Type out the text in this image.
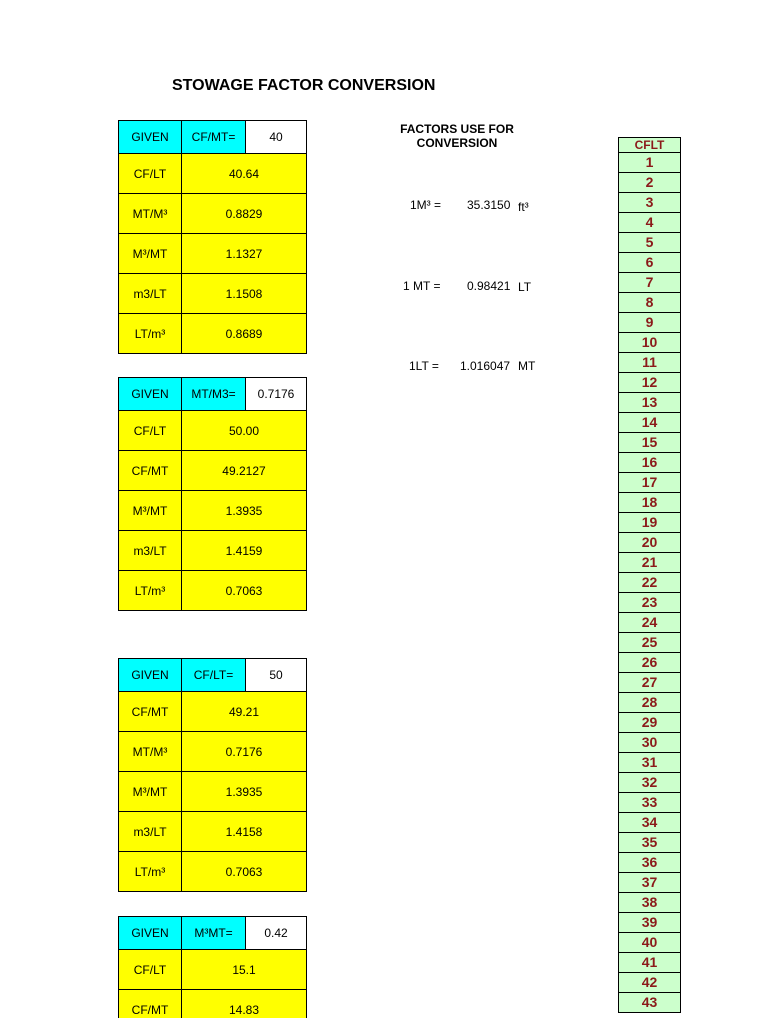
STOWAGE FACTOR CONVERSION
GIVEN	CF/MT=	40
CF/LT	40.64	
MT/M³	0.8829	
M³/MT	1.1327	
m3/LT	1.1508	
LT/m³	0.8689	
GIVEN	MT/M3=	0.7176
CF/LT	50.00	
CF/MT	49.2127	
M³/MT	1.3935	
m3/LT	1.4159	
LT/m³	0.7063	
GIVEN	CF/LT=	50
CF/MT	49.21	
MT/M³	0.7176	
M³/MT	1.3935	
m3/LT	1.4158	
LT/m³	0.7063	
GIVEN	M³MT=	0.42
CF/LT	15.1	
CF/MT	14.83	
FACTORS USE FOR CONVERSION
1M³ = 35.3150 ft³
1 MT = 0.98421 LT
1LT = 1.016047 MT
CFLT
1
2
3
4
5
6
7
8
9
10
11
12
13
14
15
16
17
18
19
20
21
22
23
24
25
26
27
28
29
30
31
32
33
34
35
36
37
38
39
40
41
42
43
